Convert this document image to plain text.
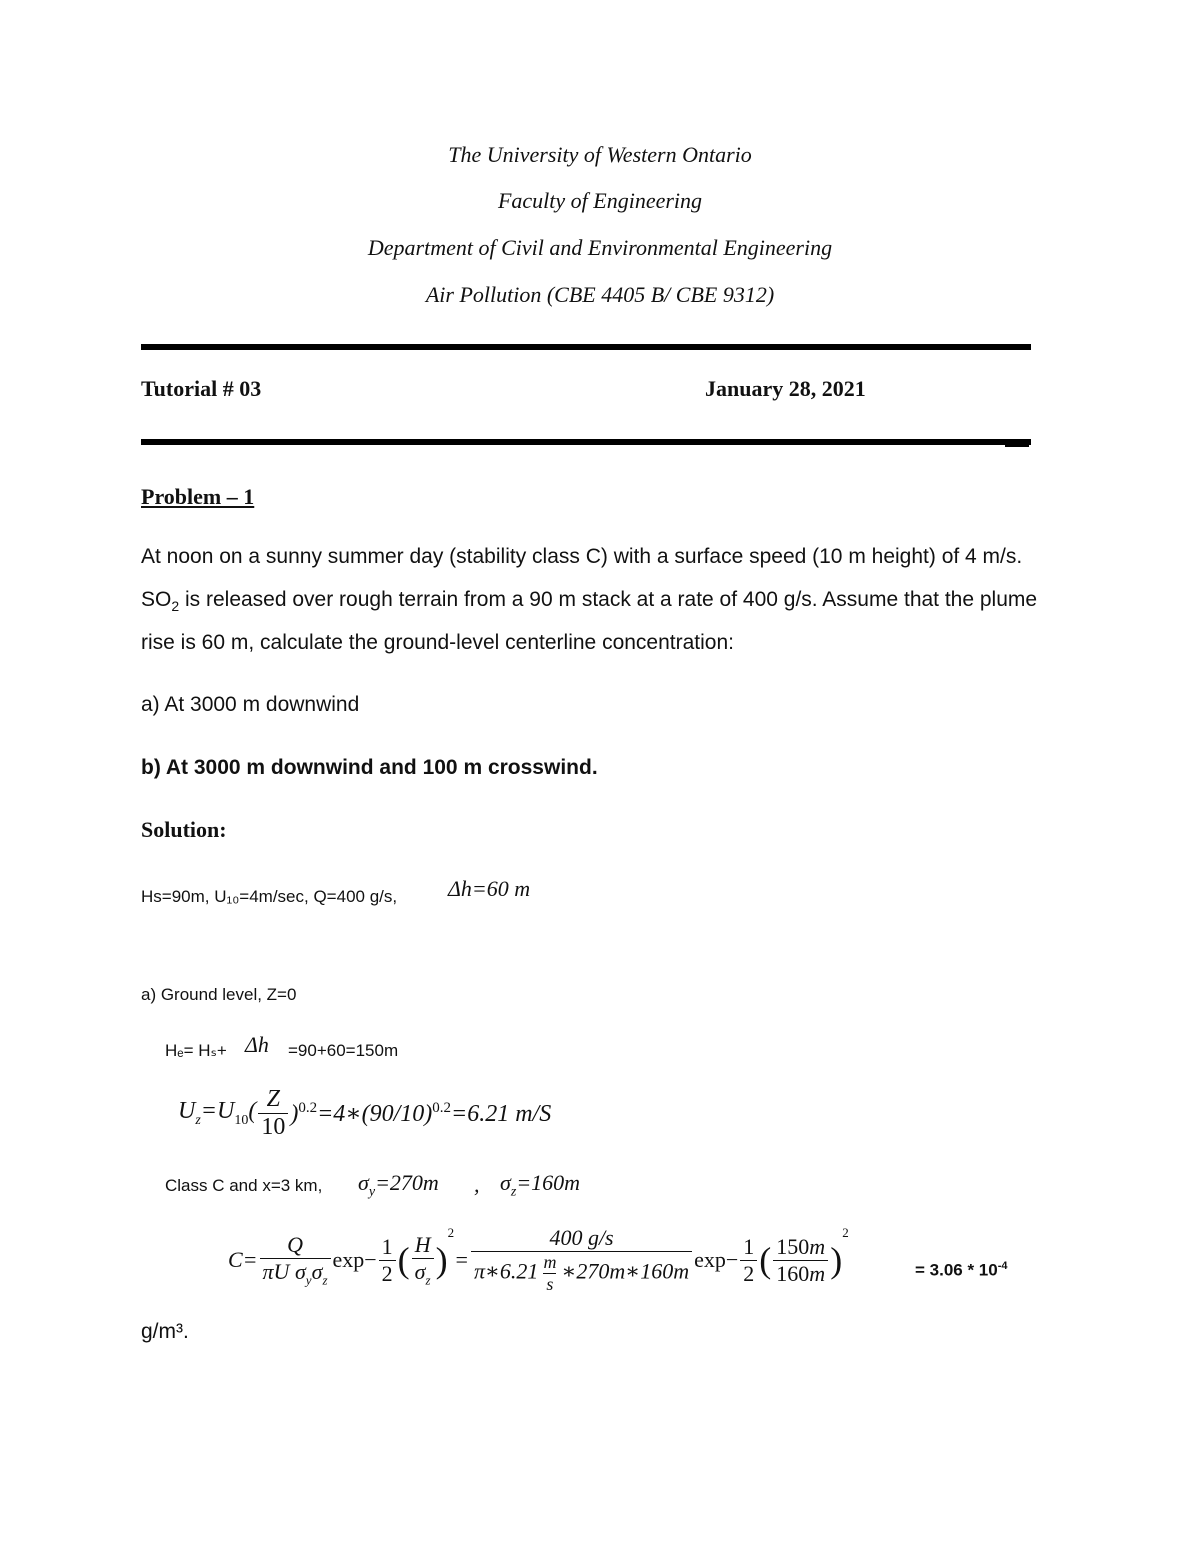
The University of Western Ontario
Faculty of Engineering
Department of Civil and Environmental Engineering
Air Pollution (CBE 4405 B/ CBE 9312)
Tutorial # 03	January 28, 2021
Problem – 1
At noon on a sunny summer day (stability class C) with a surface speed (10 m height) of 4 m/s.
$SO_2$ is released over rough terrain from a 90 m stack at a rate of 400 g/s. Assume that the plume
rise is 60 m, calculate the ground-level centerline concentration:
a) At 3000 m downwind
b) At 3000 m downwind and 100 m crosswind.
Solution:
Hs=90m, U₁₀=4m/sec, Q=400 g/s, Δh=60 m
a) Ground level, Z=0
Hₑ= Hₛ+ Δh =90+60=150m
$U_z=U_{10}( \frac{Z}{10}$ )$^{0.2}=4∗(90/10)^{0.2}=6.21$ m/S
Class C and x=3 km, $\sigma_y=270m$ , $\sigma_z=160m$
$C= \frac{Q}{\pi U \sigma_y\sigma_z} \exp- \frac{1}{2}$ ( $\frac{H}{\sigma_z}$ )
$^2$
= $\frac{400 g/s}{\pi∗6.21 \frac{m}{s} ∗270m∗160m} \exp- \frac{1}{2}$ ( $\frac{150m}{160m}$ )
$^2$
= $3.06 * 10^{-4}$
g/m³.
